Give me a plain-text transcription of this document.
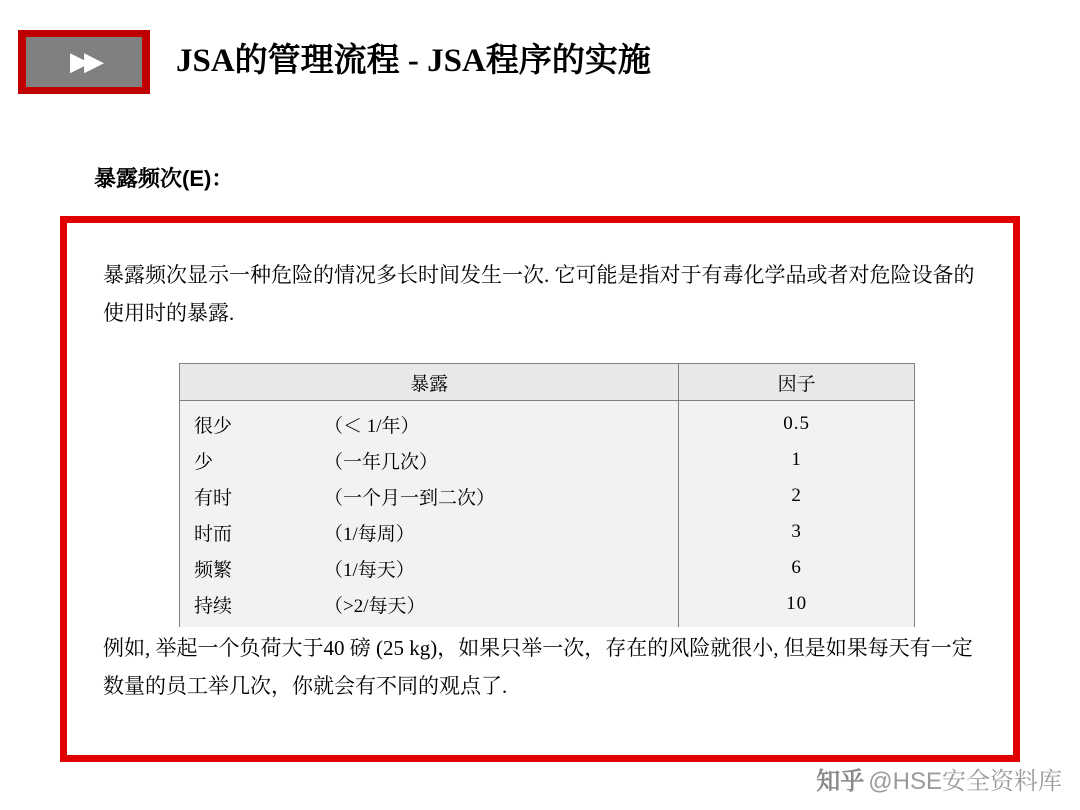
▶▶ JSA的管理流程 - JSA程序的实施
暴露频次(E)：
暴露频次显示一种危险的情况多长时间发生一次. 它可能是指对于有毒化学品或者对危险设备的使用时的暴露.
暴露	因子
很少 （＜ 1/年）	0.5
少 （一年几次）	1
有时 （一个月一到二次）	2
时而 （1/每周）	3
频繁 （1/每天）	6
持续 （>2/每天）	10
例如, 举起一个负荷大于40 磅 (25 kg)，如果只举一次，存在的风险就很小, 但是如果每天有一定数量的员工举几次，你就会有不同的观点了.
知乎 @HSE安全资料库
